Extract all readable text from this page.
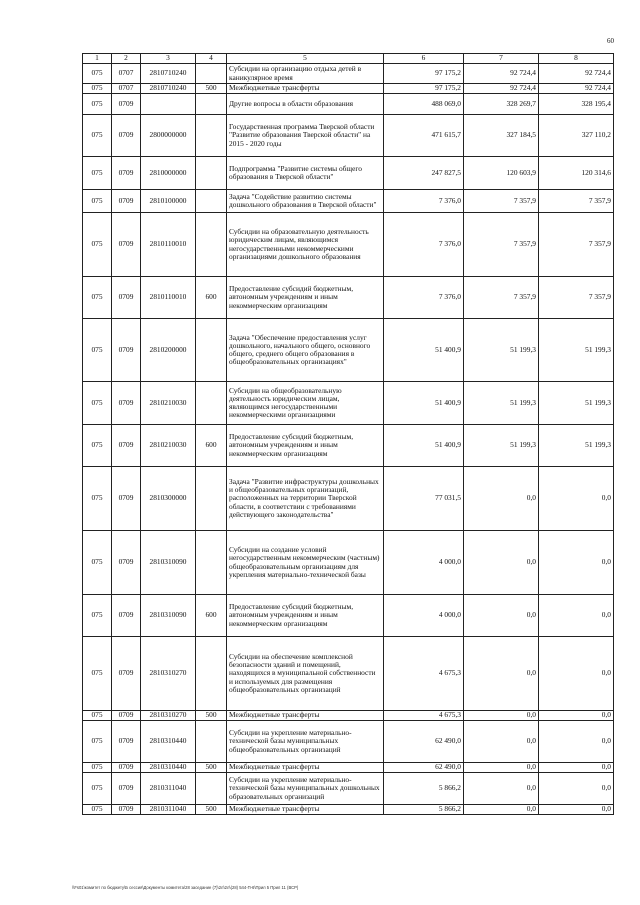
60
1	2	3	4	5	6	7	8
075	0707	2810710240		Субсидии на организацию отдыха детей в каникулярное время	97 175,2	92 724,4	92 724,4
075	0707	2810710240	500	Межбюджетные трансферты	97 175,2	92 724,4	92 724,4
075	0709			Другие вопросы в области образования	488 069,0	328 269,7	328 195,4
075	0709	2800000000		Государственная программа Тверской области "Развитие образования Тверской области" на 2015 - 2020 годы	471 615,7	327 184,5	327 110,2
075	0709	2810000000		Подпрограмма "Развитие системы общего образования в Тверской области"	247 827,5	120 603,9	120 314,6
075	0709	2810100000		Задача "Содействие развитию системы дошкольного образования в Тверской области"	7 376,0	7 357,9	7 357,9
075	0709	2810110010		Субсидии на образовательную деятельность юридическим лицам, являющимся негосударственными некоммерческими организациями дошкольного образования	7 376,0	7 357,9	7 357,9
075	0709	2810110010	600	Предоставление субсидий бюджетным, автономным учреждениям и иным некоммерческим организациям	7 376,0	7 357,9	7 357,9
075	0709	2810200000		Задача "Обеспечение предоставления услуг дошкольного, начального общего, основного общего, среднего общего образования в общеобразовательных организациях"	51 400,9	51 199,3	51 199,3
075	0709	2810210030		Субсидии на общеобразовательную деятельность юридическим лицам, являющимся негосударственными некоммерческими организациями	51 400,9	51 199,3	51 199,3
075	0709	2810210030	600	Предоставление субсидий бюджетным, автономным учреждениям и иным некоммерческим организациям	51 400,9	51 199,3	51 199,3
075	0709	2810300000		Задача "Развитие инфраструктуры дошкольных и общеобразовательных организаций, расположенных на территории Тверской области, в соответствии с требованиями действующего законодательства"	77 031,5	0,0	0,0
075	0709	2810310090		Субсидии на создание условий негосударственным некоммерческим (частным) общеобразовательным организациям для укрепления материально-технической базы	4 000,0	0,0	0,0
075	0709	2810310090	600	Предоставление субсидий бюджетным, автономным учреждениям и иным некоммерческим организациям	4 000,0	0,0	0,0
075	0709	2810310270		Субсидии на обеспечение комплексной безопасности зданий и помещений, находящихся в муниципальной собственности и используемых для размещения общеобразовательных организаций	4 675,3	0,0	0,0
075	0709	2810310270	500	Межбюджетные трансферты	4 675,3	0,0	0,0
075	0709	2810310440		Субсидии на укрепление материально-технической базы муниципальных общеобразовательных организаций	62 490,0	0,0	0,0
075	0709	2810310440	500	Межбюджетные трансферты	62 490,0	0,0	0,0
075	0709	2810311040		Субсидии на укрепление материально-технической базы муниципальных дошкольных образовательных организаций	5 866,2	0,0	0,0
075	0709	2810311040	500	Межбюджетные трансферты	5 866,2	0,0	0,0
\\Fs01\комитет по бюджету\Б сессия\Документы комитета\28 заседание (7)\2л\2л\(28) 544-П-6\Прил 5 Прил 11 (ВСР)
